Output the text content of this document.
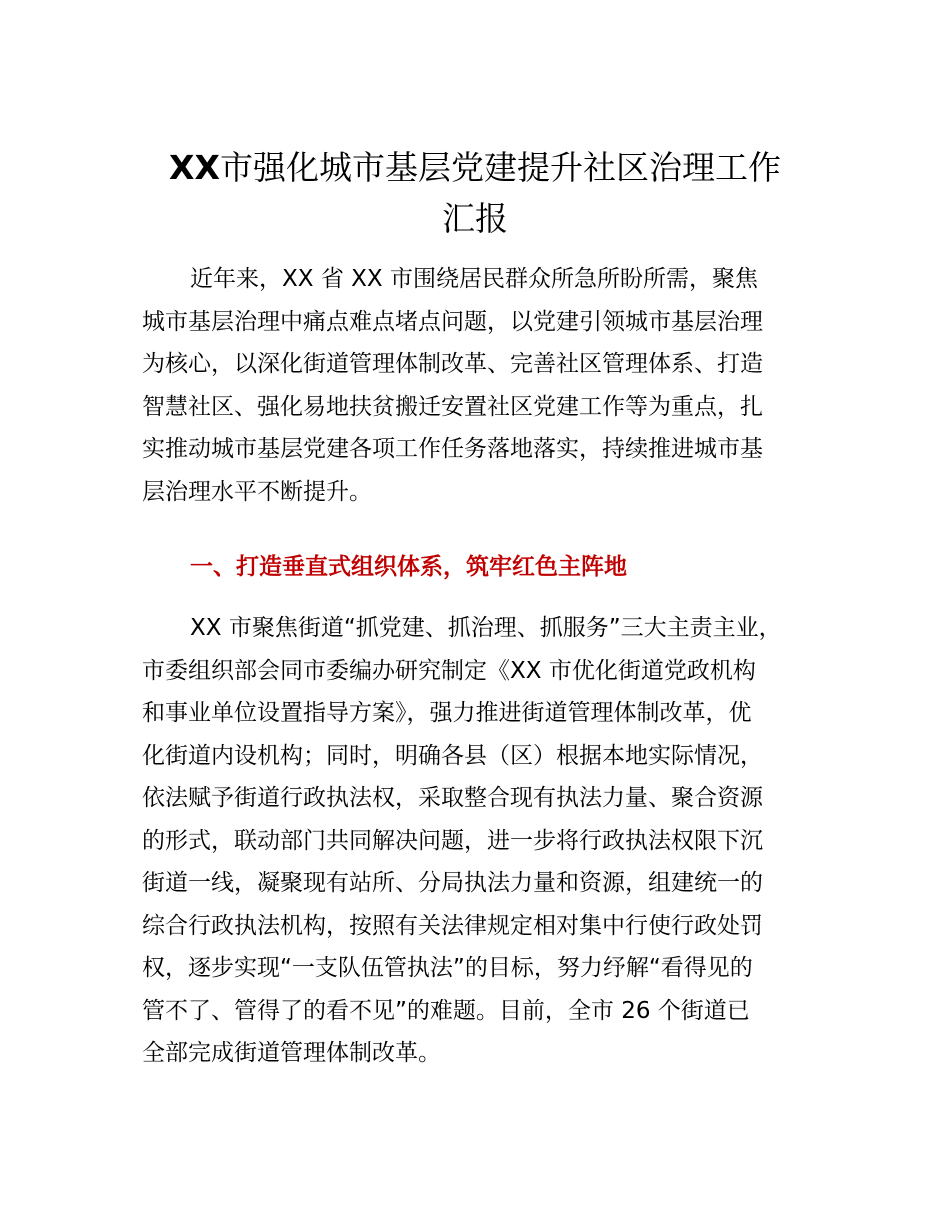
XX市强化城市基层党建提升社区治理工作
汇报
近年来，XX 省 XX 市围绕居民群众所急所盼所需，聚焦
城市基层治理中痛点难点堵点问题，以党建引领城市基层治理
为核心，以深化街道管理体制改革、完善社区管理体系、打造
智慧社区、强化易地扶贫搬迁安置社区党建工作等为重点，扎
实推动城市基层党建各项工作任务落地落实，持续推进城市基
层治理水平不断提升。
一、打造垂直式组织体系，筑牢红色主阵地
XX 市聚焦街道“抓党建、抓治理、抓服务”三大主责主业，
市委组织部会同市委编办研究制定《XX 市优化街道党政机构
和事业单位设置指导方案》，强力推进街道管理体制改革，优
化街道内设机构；同时，明确各县（区）根据本地实际情况，
依法赋予街道行政执法权，采取整合现有执法力量、聚合资源
的形式，联动部门共同解决问题，进一步将行政执法权限下沉
街道一线，凝聚现有站所、分局执法力量和资源，组建统一的
综合行政执法机构，按照有关法律规定相对集中行使行政处罚
权，逐步实现“一支队伍管执法”的目标，努力纾解“看得见的
管不了、管得了的看不见”的难题。目前，全市 26 个街道已
全部完成街道管理体制改革。
